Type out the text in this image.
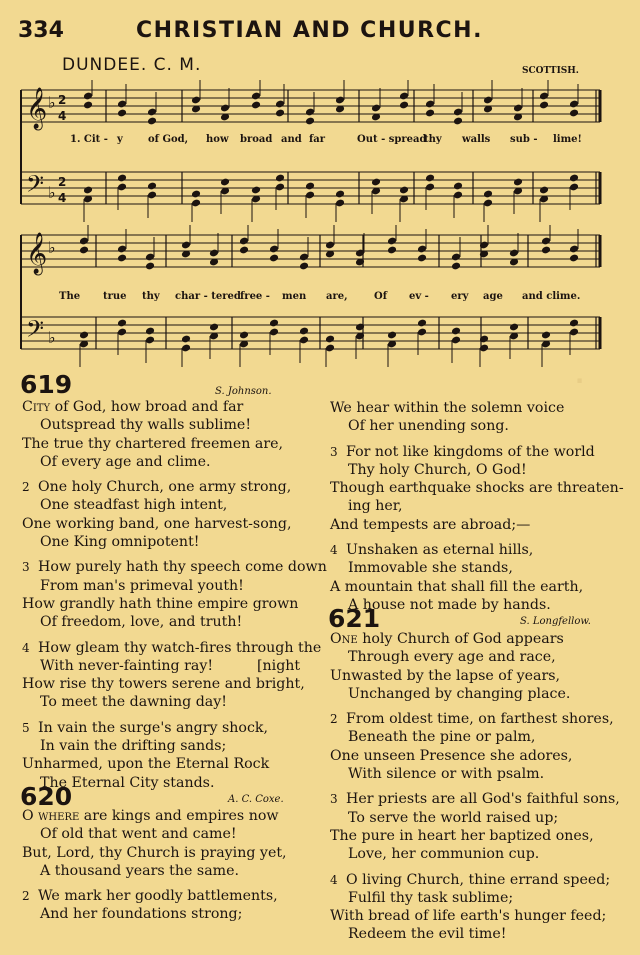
334	CHRISTIAN AND CHURCH.
DUNDEE. C. M.	SCOTTISH.
𝄞 ♭ 2
4
𝄢 ♭
2
4
𝄞 ♭
𝄢 ♭
1. Cit - y	of God, how broad and far	Out - spread
thy walls sub - lime!
The true thy char - tered free - men are,	Of ev - ery age and clime.
619	S. Johnson.

City of God, how broad and far

Outspread thy walls sublime!

The true thy chartered freemen are,

Of every age and clime.

2 One holy Church, one army strong,

One steadfast high intent,

One working band, one harvest-song,

One King omnipotent!

3 How purely hath thy speech come down

From man's primeval youth!

How grandly hath thine empire grown

Of freedom, love, and truth!

4 How gleam thy watch-fires through the

With never-fainting ray!	[night

How rise thy towers serene and bright,

To meet the dawning day!

5 In vain the surge's angry shock,

In vain the drifting sands;

Unharmed, upon the Eternal Rock

The Eternal City stands.

620	A. C. Coxe.

O where are kings and empires now

Of old that went and came!

But, Lord, thy Church is praying yet,

A thousand years the same.

2 We mark her goodly battlements,

And her foundations strong;

We hear within the solemn voice

Of her unending song.

3 For not like kingdoms of the world

Thy holy Church, O God!

Though earthquake shocks are threaten-

ing her,

And tempests are abroad;—

4 Unshaken as eternal hills,

Immovable she stands,

A mountain that shall fill the earth,

A house not made by hands.

·
621	S. Longfellow.

One holy Church of God appears

Through every age and race,

Unwasted by the lapse of years,

Unchanged by changing place.

2 From oldest time, on farthest shores,

Beneath the pine or palm,

One unseen Presence she adores,

With silence or with psalm.

3 Her priests are all God's faithful sons,

To serve the world raised up;

The pure in heart her baptized ones,

Love, her communion cup.

4 O living Church, thine errand speed;

Fulfil thy task sublime;

With bread of life earth's hunger feed;

Redeem the evil time!
